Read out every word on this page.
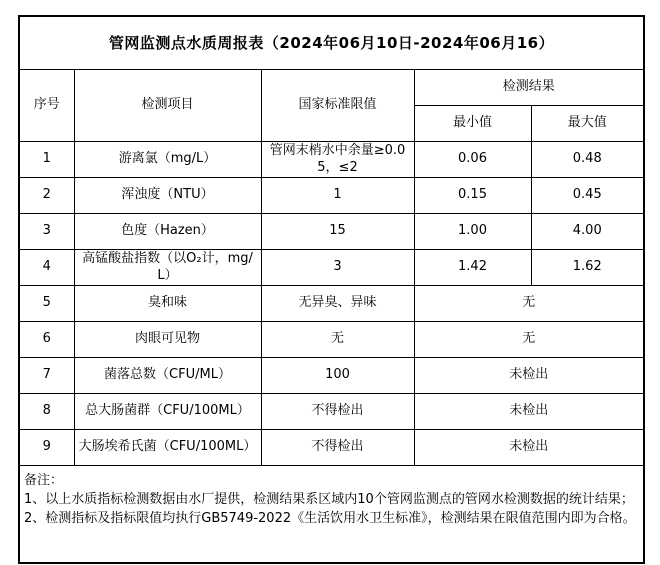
管网监测点水质周报表（2024年06月10日-2024年06月16）				
序号	检测项目	国家标准限值	检测结果	
			最小值	最大值
1	游离氯（mg/L）	管网末梢水中余量≥0.05，≤2	0.06	0.48
2	浑浊度（NTU）	1	0.15	0.45
3	色度（Hazen）	15	1.00	4.00
4	高锰酸盐指数（以O₂计，mg/L）	3	1.42	1.62
5	臭和味	无异臭、异味	无	
6	肉眼可见物	无	无	
7	菌落总数（CFU/ML）	100	未检出	
8	总大肠菌群（CFU/100ML）	不得检出	未检出	
9	大肠埃希氏菌（CFU/100ML）	不得检出	未检出	

备注：
1、以上水质指标检测数据由水厂提供，检测结果系区域内10个管网监测点的管网水检测数据的统计结果；
2、检测指标及指标限值均执行GB5749-2022《生活饮用水卫生标准》，检测结果在限值范围内即为合格。				
